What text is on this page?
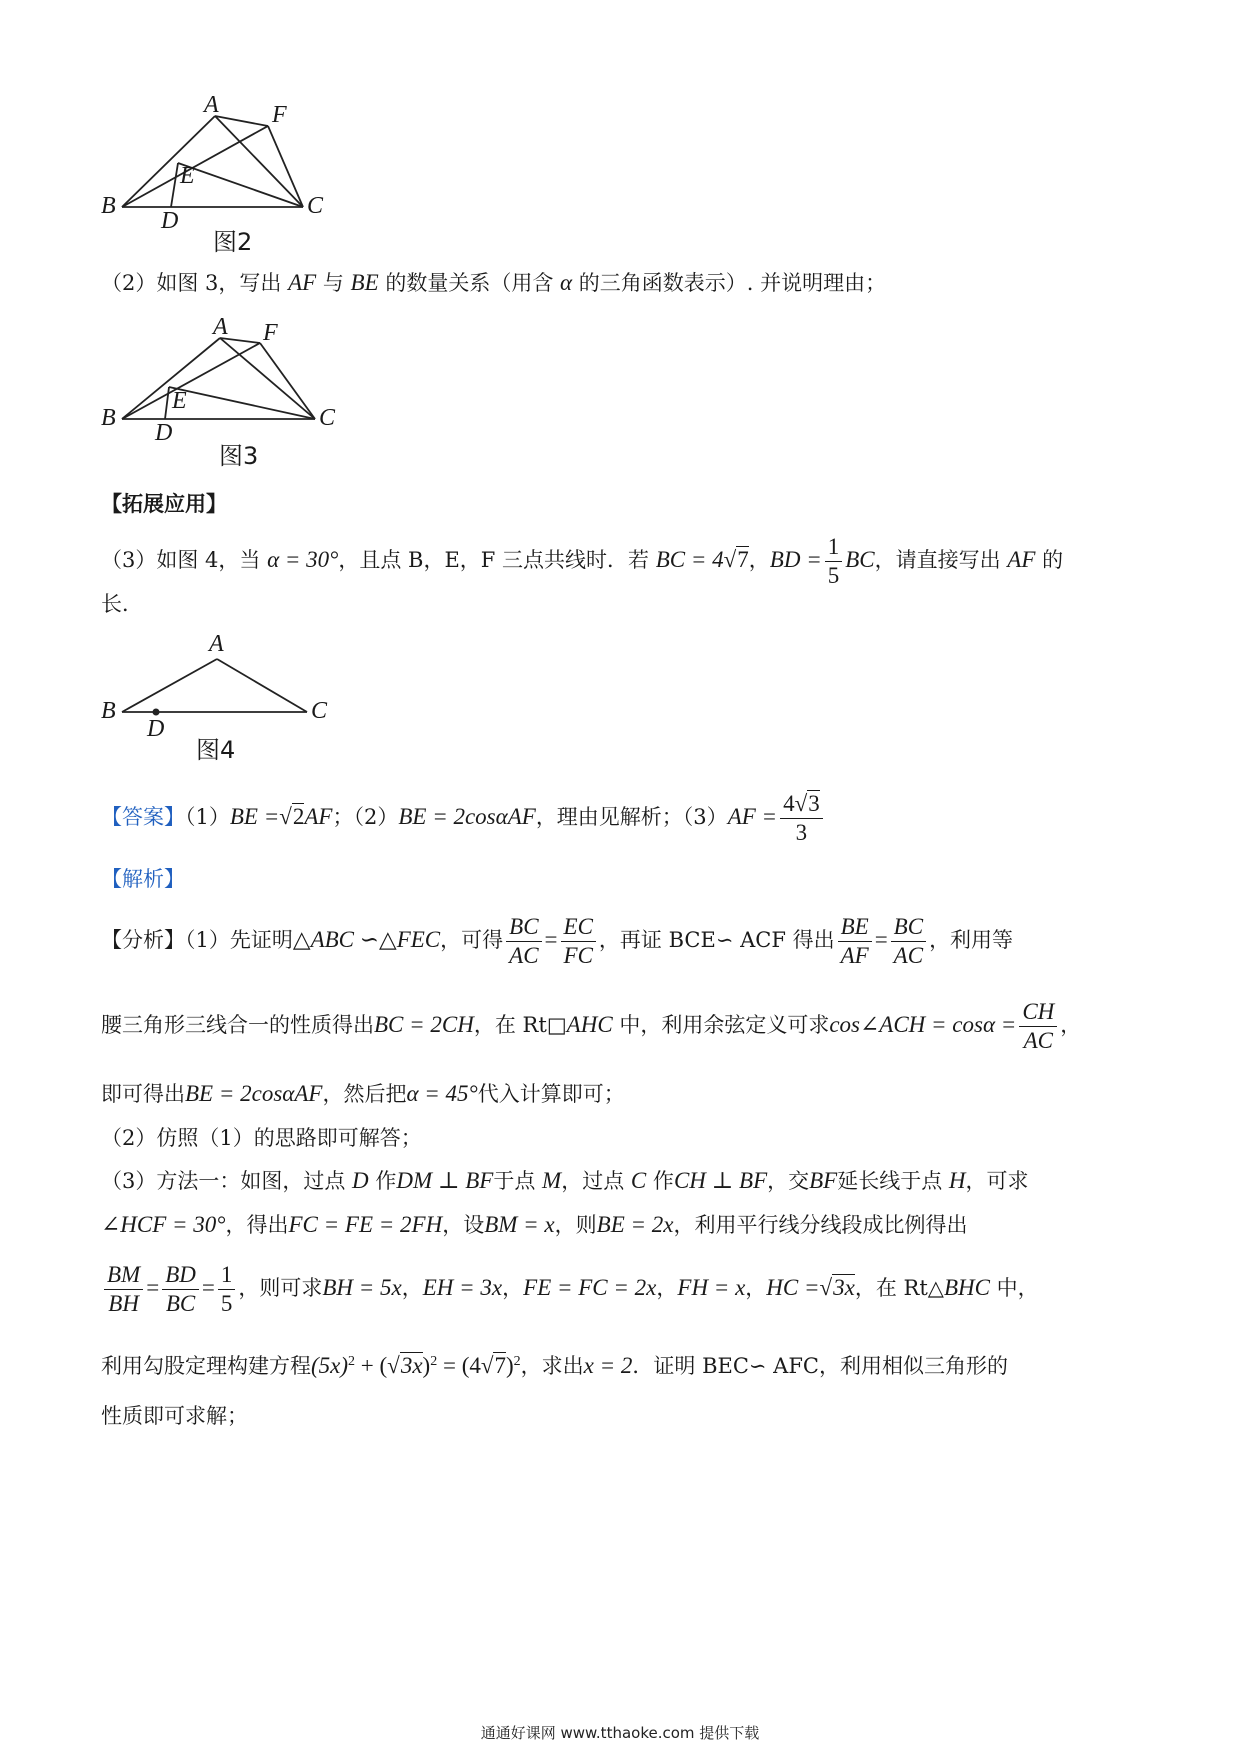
A F
B	C
E
D
图2
（2）如图 3，写出 AF 与 BE 的数量关系（用含 α 的三角函数表示）. 并说明理由；
A F
B	C
E
D
图3
【拓展应用】
（3）如图 4，当 α = 30°，且点 B，E，F 三点共线时．若 BC = 4√7，BD = $\frac{1}{5}$ BC，请直接写出 AF 的
长．
A
B	C
D
图4
【答案】（1）BE =√2AF；（2）BE = 2cosαAF，理由见解析；$(3)AF = \frac{4√3}{3}$
【解析】
【分析】（1）先证明△ABC ∽△FEC，可得 $\frac{BC}{AC} = \frac{EC}{FC}$ ，再证 BCE∽ ACF 得出 $\frac{BE}{AF} = \frac{BC}{AC}$ ，利用等
腰三角形三线合一的性质得出BC = 2CH，在 Rt□AHC 中，利用余弦定义可求cos∠ACH = $\cos\alpha = \frac{CH}{AC}$ ，
即可得出BE = 2cosαAF，然后把α = 45°代入计算即可；
（2）仿照（1）的思路即可解答；
（3）方法一：如图，过点 D 作DM ⊥ BF于点 M，过点 C 作CH ⊥ BF，交BF延长线于点 H，可求
∠HCF = 30°，得出FC = FE = 2FH，设BM = x，则BE = 2x，利用平行线分线段成比例得出
$\frac{BM}{BH} = \frac{BD}{BC} = \frac{1}{5}$ ，则可求BH = 5x，EH = 3x，FE = FC = 2x，FH = x，HC =√3x，在 Rt△BHC 中，
利用勾股定理构建方程$(5x)^2 + (√3x)^2 = (4√7)^2$，求出x = 2．证明 BEC∽ AFC，利用相似三角形的
性质即可求解；
通通好课网 www.tthaoke.com 提供下载
